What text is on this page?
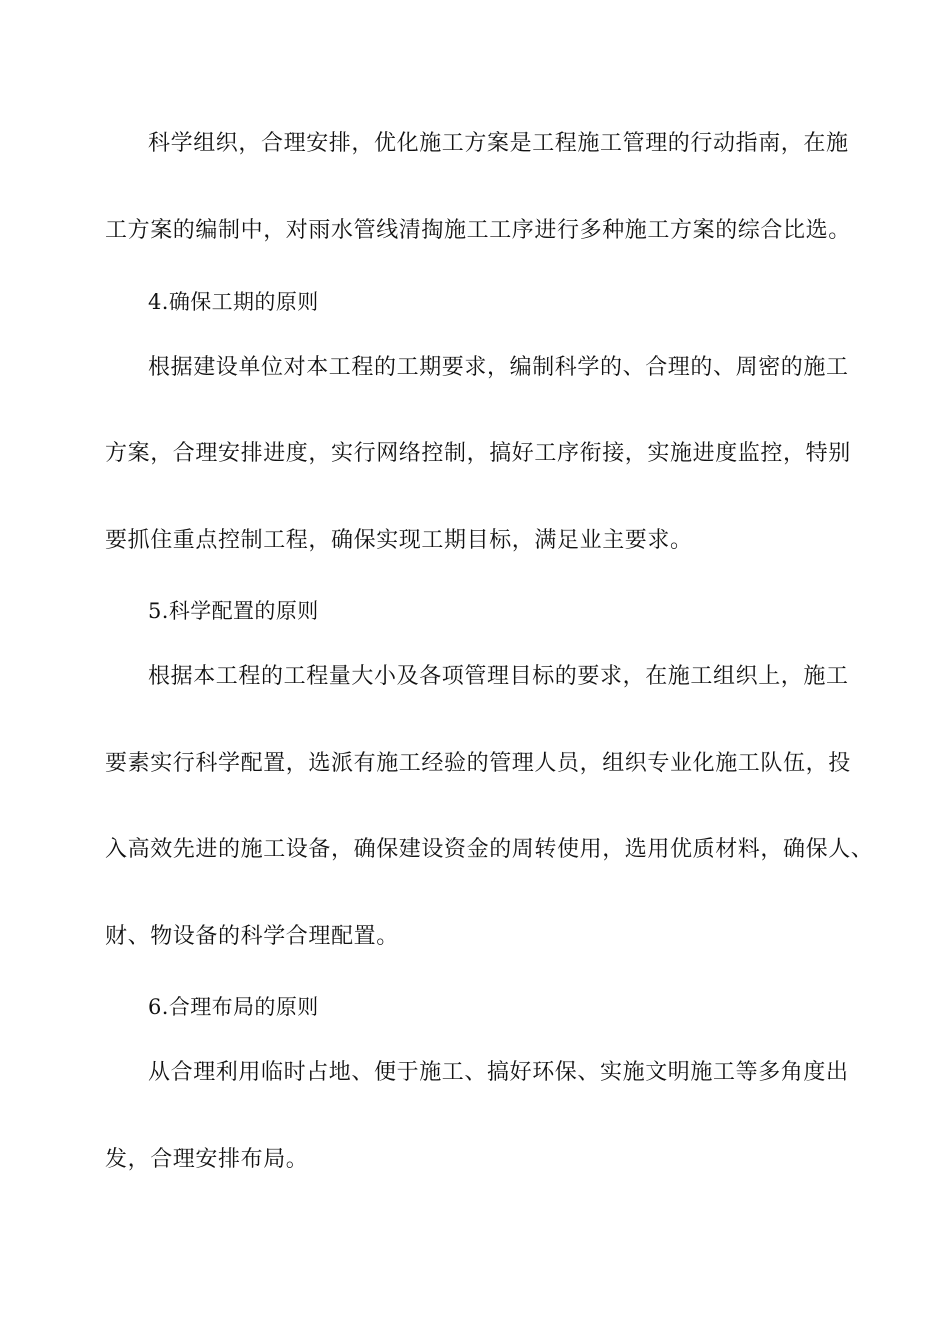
科学组织，合理安排，优化施工方案是工程施工管理的行动指南，在施
工方案的编制中，对雨水管线清掏施工工序进行多种施工方案的综合比选。
4.确保工期的原则
根据建设单位对本工程的工期要求，编制科学的、合理的、周密的施工
方案，合理安排进度，实行网络控制，搞好工序衔接，实施进度监控，特别
要抓住重点控制工程，确保实现工期目标，满足业主要求。
5.科学配置的原则
根据本工程的工程量大小及各项管理目标的要求，在施工组织上，施工
要素实行科学配置，选派有施工经验的管理人员，组织专业化施工队伍，投
入高效先进的施工设备，确保建设资金的周转使用，选用优质材料，确保人、
财、物设备的科学合理配置。
6.合理布局的原则
从合理利用临时占地、便于施工、搞好环保、实施文明施工等多角度出
发，合理安排布局。
